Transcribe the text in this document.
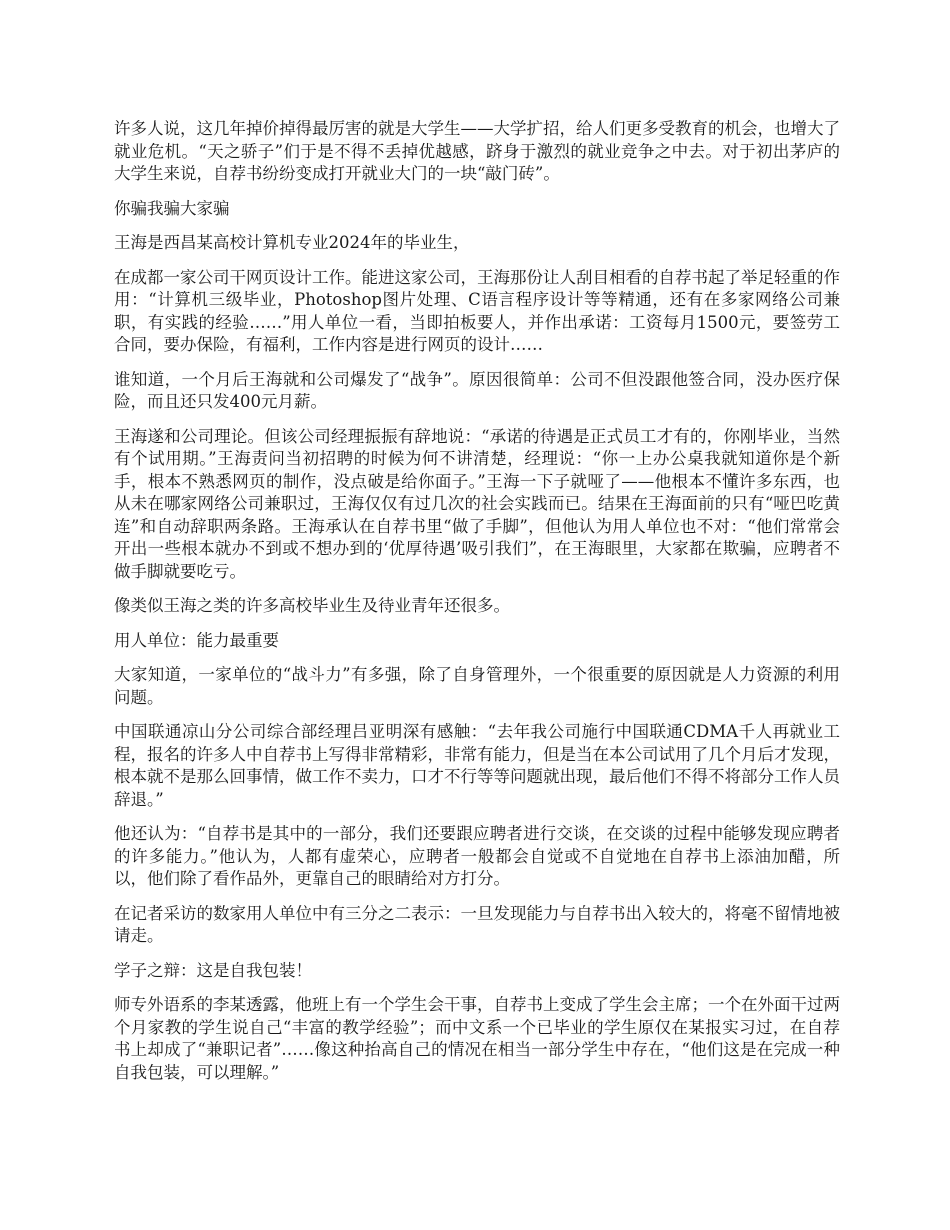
许多人说，这几年掉价掉得最厉害的就是大学生——大学扩招，给人们更多受教育的机会，也增大了就业危机。“天之骄子”们于是不得不丢掉优越感，跻身于激烈的就业竞争之中去。对于初出茅庐的大学生来说，自荐书纷纷变成打开就业大门的一块“敲门砖”。

你骗我骗大家骗

王海是西昌某高校计算机专业2024年的毕业生，

在成都一家公司干网页设计工作。能进这家公司，王海那份让人刮目相看的自荐书起了举足轻重的作用：“计算机三级毕业，Photoshop图片处理、C语言程序设计等等精通，还有在多家网络公司兼职，有实践的经验……”用人单位一看，当即拍板要人，并作出承诺：工资每月1500元，要签劳工合同，要办保险，有福利，工作内容是进行网页的设计……

谁知道，一个月后王海就和公司爆发了“战争”。原因很简单：公司不但没跟他签合同，没办医疗保险，而且还只发400元月薪。

王海遂和公司理论。但该公司经理振振有辞地说：“承诺的待遇是正式员工才有的，你刚毕业，当然有个试用期。”王海责问当初招聘的时候为何不讲清楚，经理说：“你一上办公桌我就知道你是个新手，根本不熟悉网页的制作，没点破是给你面子。”王海一下子就哑了——他根本不懂许多东西，也从未在哪家网络公司兼职过，王海仅仅有过几次的社会实践而已。结果在王海面前的只有“哑巴吃黄连”和自动辞职两条路。王海承认在自荐书里“做了手脚”，但他认为用人单位也不对：“他们常常会开出一些根本就办不到或不想办到的‘优厚待遇’吸引我们”，在王海眼里，大家都在欺骗，应聘者不做手脚就要吃亏。

像类似王海之类的许多高校毕业生及待业青年还很多。

用人单位：能力最重要

大家知道，一家单位的“战斗力”有多强，除了自身管理外，一个很重要的原因就是人力资源的利用问题。

中国联通凉山分公司综合部经理吕亚明深有感触：“去年我公司施行中国联通CDMA千人再就业工程，报名的许多人中自荐书上写得非常精彩，非常有能力，但是当在本公司试用了几个月后才发现，根本就不是那么回事情，做工作不卖力，口才不行等等问题就出现，最后他们不得不将部分工作人员辞退。”

他还认为：“自荐书是其中的一部分，我们还要跟应聘者进行交谈，在交谈的过程中能够发现应聘者的许多能力。”他认为，人都有虚荣心，应聘者一般都会自觉或不自觉地在自荐书上添油加醋，所以，他们除了看作品外，更靠自己的眼睛给对方打分。

在记者采访的数家用人单位中有三分之二表示：一旦发现能力与自荐书出入较大的，将毫不留情地被请走。

学子之辩：这是自我包装！

师专外语系的李某透露，他班上有一个学生会干事，自荐书上变成了学生会主席；一个在外面干过两个月家教的学生说自己“丰富的教学经验”；而中文系一个已毕业的学生原仅在某报实习过，在自荐书上却成了“兼职记者”……像这种抬高自己的情况在相当一部分学生中存在，“他们这是在完成一种自我包装，可以理解。”
